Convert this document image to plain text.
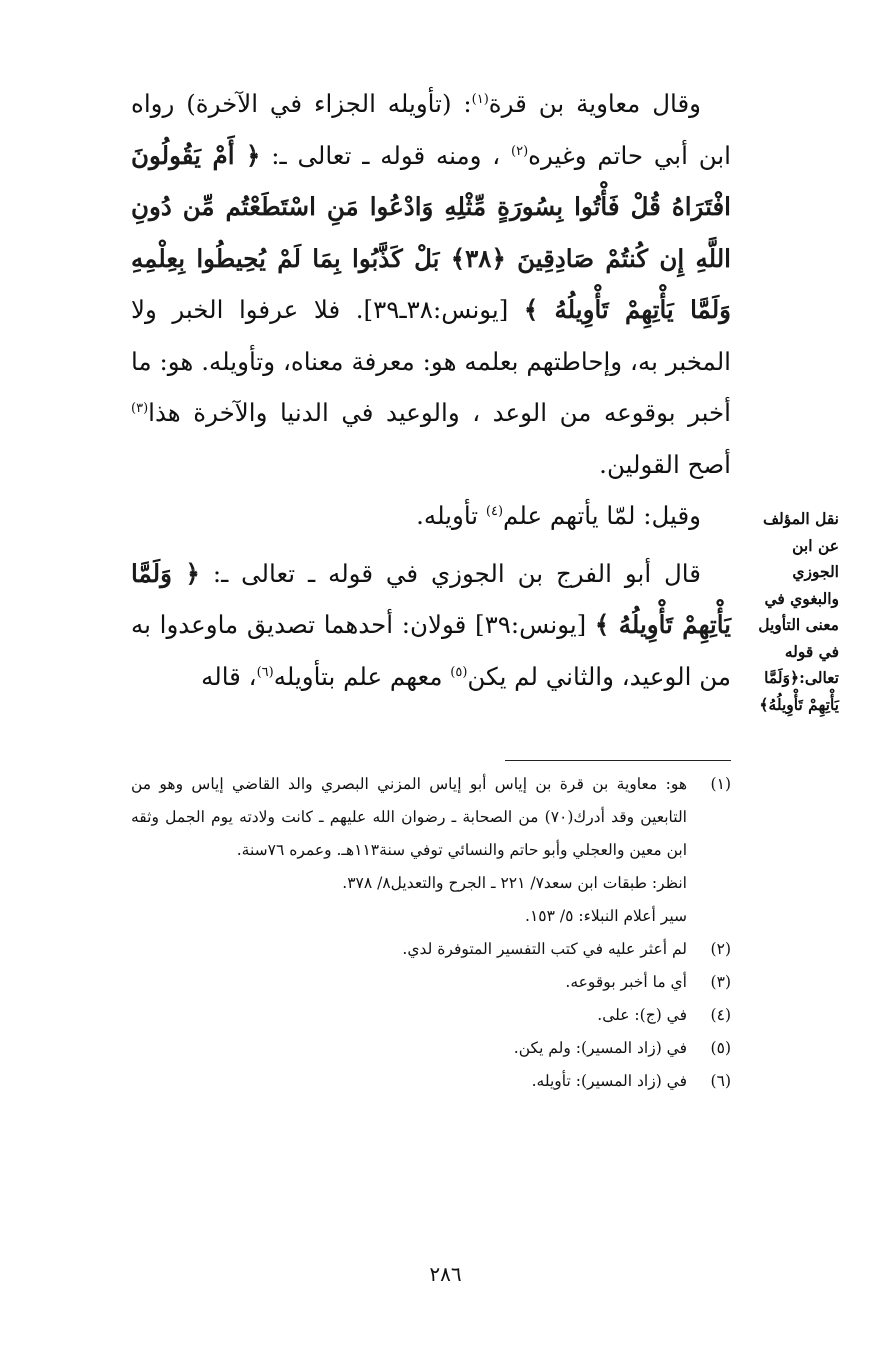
وقال معاوية بن قرة$^{(١)}$: (تأويله الجزاء في الآخرة) رواه ابن أبي حاتم وغيره$^{(٢)}$ ، ومنه قوله ـ تعالى ـ: ﴿ أَمْ يَقُولُونَ افْتَرَاهُ قُلْ فَأْتُوا بِسُورَةٍ مِّثْلِهِ وَادْعُوا مَنِ اسْتَطَعْتُم مِّن دُونِ اللَّهِ إِن كُنتُمْ صَادِقِينَ ﴿٣٨﴾ بَلْ كَذَّبُوا بِمَا لَمْ يُحِيطُوا بِعِلْمِهِ وَلَمَّا يَأْتِهِمْ تَأْوِيلُهُ ﴾ [يونس:٣٨ـ٣٩]. فلا عرفوا الخبر ولا المخبر به، وإحاطتهم بعلمه هو: معرفة معناه، وتأويله. هو: ما أخبر بوقوعه من الوعد ، والوعيد في الدنيا والآخرة هذا$^{(٣)}$ أصح القولين.

وقيل: لمّا يأتهم علم$^{(٤)}$ تأويله.

قال أبو الفرج بن الجوزي في قوله ـ تعالى ـ: ﴿ وَلَمَّا يَأْتِهِمْ تَأْوِيلُهُ ﴾ [يونس:٣٩] قولان: أحدهما تصديق ماوعدوا به من الوعيد، والثاني لم يكن$^{(٥)}$ معهم علم بتأويله$^{(٦)}$، قاله

نقل المؤلف عن ابن الجوزي والبغوي في معنى التأويل في قوله تعالى:﴿وَلَمَّا يَأْتِهِمْ تَأْوِيلُهُ﴾
(١)
هو: معاوية بن قرة بن إياس أبو إياس المزني البصري والد القاضي إياس وهو من التابعين وقد أدرك(٧٠) من الصحابة ـ رضوان الله عليهم ـ كانت ولادته يوم الجمل وثقه ابن معين والعجلي وأبو حاتم والنسائي توفي سنة١١٣هـ. وعمره ٧٦سنة.
انظر: طبقات ابن سعد٧/ ٢٢١ ـ الجرح والتعديل٨/ ٣٧٨.
سير أعلام النبلاء: ٥/ ١٥٣.
(٢)
لم أعثر عليه في كتب التفسير المتوفرة لدي.
(٣)
أي ما أخبر بوقوعه.
(٤)
في (ج): على.
(٥)
في (زاد المسير): ولم يكن.
(٦)
في (زاد المسير): تأويله.
٢٨٦
